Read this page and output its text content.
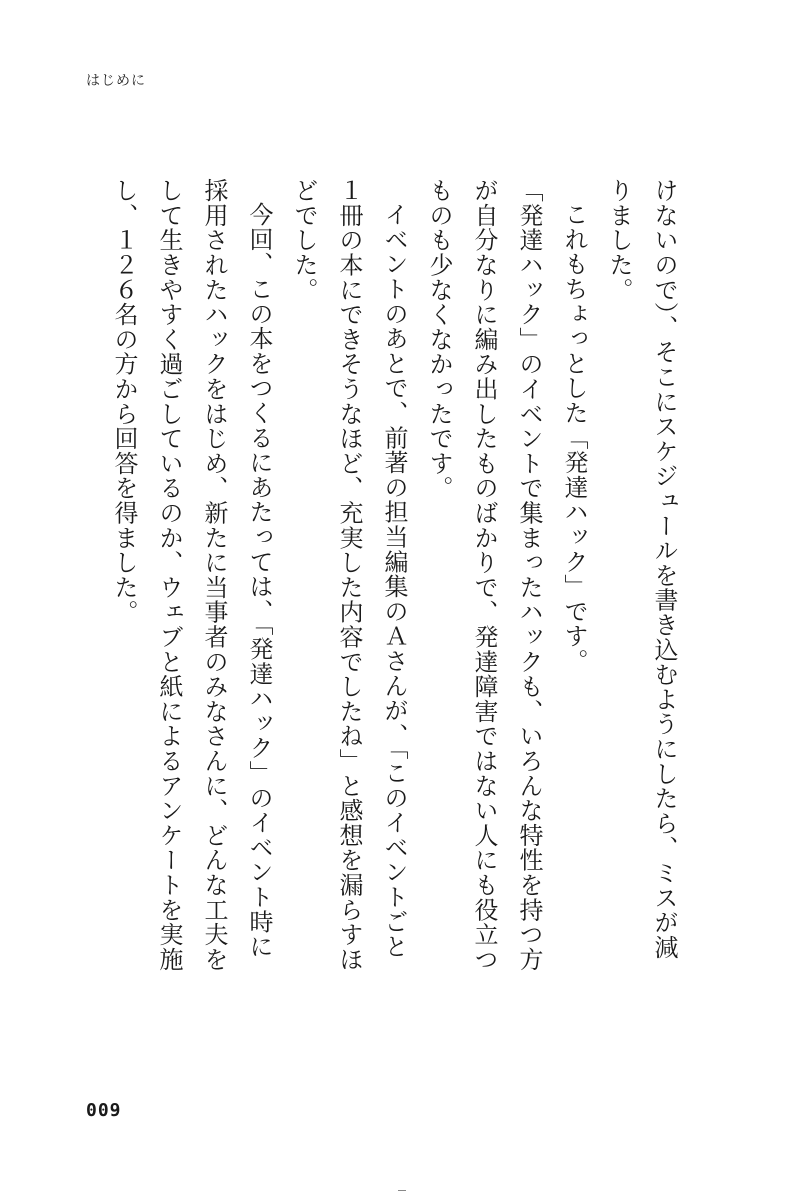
はじめに

けないので）、そこにスケジュールを書き込むようにしたら、ミスが減りました。

これもちょっとした「発達ハック」です。

「発達ハック」のイベントで集まったハックも、いろんな特性を持つ方が自分なりに編み出したものばかりで、発達障害ではない人にも役立つものも少なくなかったです。

イベントのあとで、前著の担当編集のＡさんが、「このイベントごと１冊の本にできそうなほど、充実した内容でしたね」と感想を漏らすほどでした。

今回、この本をつくるにあたっては、「発達ハック」のイベント時に採用されたハックをはじめ、新たに当事者のみなさんに、どんな工夫をして生きやすく過ごしているのか、ウェブと紙によるアンケートを実施し、１２６名の方から回答を得ました。

009
